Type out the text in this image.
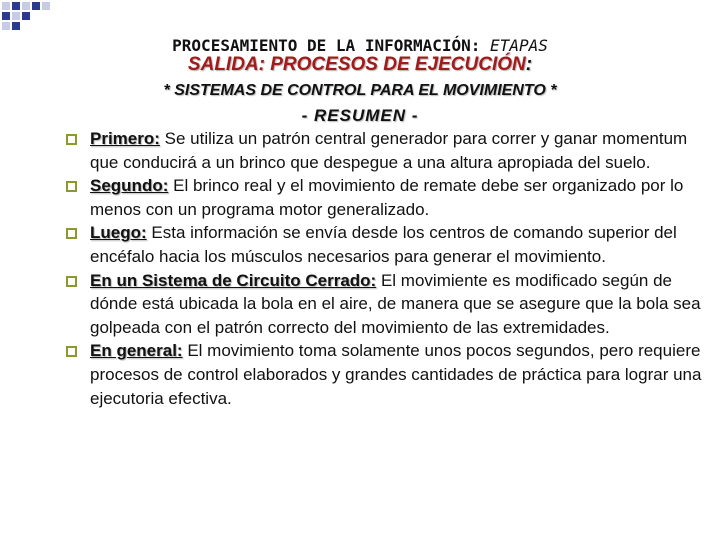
PROCESAMIENTO DE LA INFORMACIÓN: ETAPAS
SALIDA: PROCESOS DE EJECUCIÓN:
* SISTEMAS DE CONTROL PARA EL MOVIMIENTO *
- RESUMEN -
Primero: Se utiliza un patrón central generador para correr y ganar momentum que conducirá a un brinco que despegue a una altura apropiada del suelo.
Segundo: El brinco real y el movimiento de remate debe ser organizado por lo menos con un programa motor generalizado.
Luego: Esta información se envía desde los centros de comando superior del encéfalo hacia los músculos necesarios para generar el movimiento.
En un Sistema de Circuito Cerrado: El movimiente es modificado según de dónde está ubicada la bola en el aire, de manera que se asegure que la bola sea golpeada con el patrón correcto del movimiento de las extremidades.
En general: El movimiento toma solamente unos pocos segundos, pero requiere procesos de control elaborados y grandes cantidades de práctica para lograr una ejecutoria efectiva.
